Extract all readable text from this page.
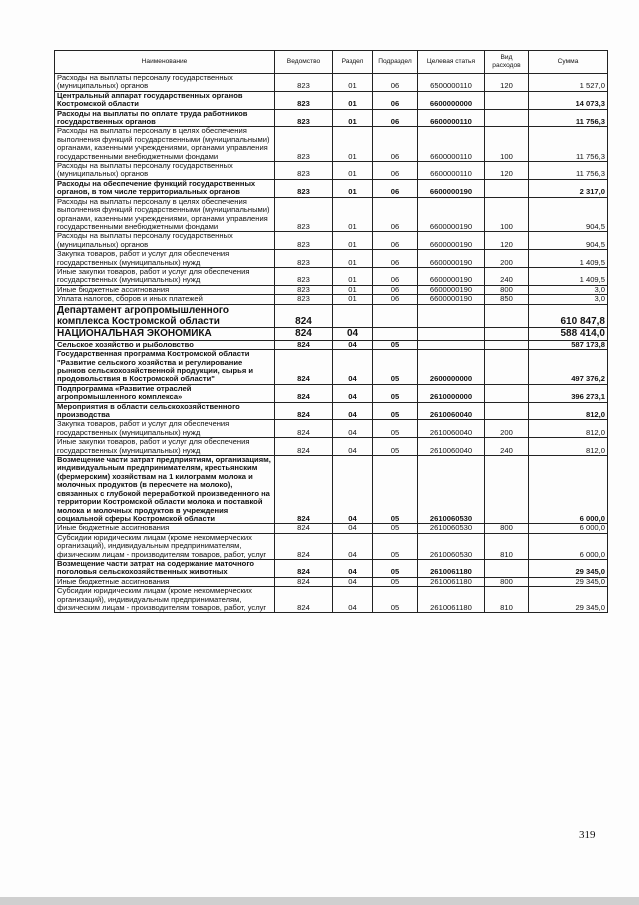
Наименование	Ведомство	Раздел	Подраздел	Целевая статья	Вид расходов	Сумма
Расходы на выплаты персоналу государственных (муниципальных) органов	823	01	06	6500000110	120	1 527,0
Центральный аппарат государственных органов Костромской области	823	01	06	6600000000		14 073,3
Расходы на выплаты по оплате труда работников государственных органов	823	01	06	6600000110		11 756,3
Расходы на выплаты персоналу в целях обеспечения выполнения функций государственными (муниципальными) органами, казенными учреждениями, органами управления государственными внебюджетными фондами	823	01	06	6600000110	100	11 756,3
Расходы на выплаты персоналу государственных (муниципальных) органов	823	01	06	6600000110	120	11 756,3
Расходы на обеспечение функций государственных органов, в том числе территориальных органов	823	01	06	6600000190		2 317,0
Расходы на выплаты персоналу в целях обеспечения выполнения функций государственными (муниципальными) органами, казенными учреждениями, органами управления государственными внебюджетными фондами	823	01	06	6600000190	100	904,5
Расходы на выплаты персоналу государственных (муниципальных) органов	823	01	06	6600000190	120	904,5
Закупка товаров, работ и услуг для обеспечения государственных (муниципальных) нужд	823	01	06	6600000190	200	1 409,5
Иные закупки товаров, работ и услуг для обеспечения государственных (муниципальных) нужд	823	01	06	6600000190	240	1 409,5
Иные бюджетные ассигнования	823	01	06	6600000190	800	3,0
Уплата налогов, сборов и иных платежей	823	01	06	6600000190	850	3,0
Департамент агропромышленного комплекса Костромской области	824					610 847,8
НАЦИОНАЛЬНАЯ ЭКОНОМИКА	824	04				588 414,0
Сельское хозяйство и рыболовство	824	04	05			587 173,8
Государственная программа Костромской области "Развитие сельского хозяйства и регулирование рынков сельскохозяйственной продукции, сырья и продовольствия в Костромской области"	824	04	05	2600000000		497 376,2
Подпрограмма «Развитие отраслей агропромышленного комплекса»	824	04	05	2610000000		396 273,1
Мероприятия в области сельскохозяйственного производства	824	04	05	2610060040		812,0
Закупка товаров, работ и услуг для обеспечения государственных (муниципальных) нужд	824	04	05	2610060040	200	812,0
Иные закупки товаров, работ и услуг для обеспечения государственных (муниципальных) нужд	824	04	05	2610060040	240	812,0
Возмещение части затрат предприятиям, организациям, индивидуальным предпринимателям, крестьянским (фермерским) хозяйствам на 1 килограмм молока и молочных продуктов (в пересчете на молоко), связанных с глубокой переработкой произведенного на территории Костромской области молока и поставкой молока и молочных продуктов в учреждения социальной сферы Костромской области	824	04	05	2610060530		6 000,0
Иные бюджетные ассигнования	824	04	05	2610060530	800	6 000,0
Субсидии юридическим лицам (кроме некоммерческих организаций), индивидуальным предпринимателям, физическим лицам - производителям товаров, работ, услуг	824	04	05	2610060530	810	6 000,0
Возмещение части затрат на содержание маточного поголовья сельскохозяйственных животных	824	04	05	2610061180		29 345,0
Иные бюджетные ассигнования	824	04	05	2610061180	800	29 345,0
Субсидии юридическим лицам (кроме некоммерческих организаций), индивидуальным предпринимателям, физическим лицам - производителям товаров, работ, услуг	824	04	05	2610061180	810	29 345,0
319
